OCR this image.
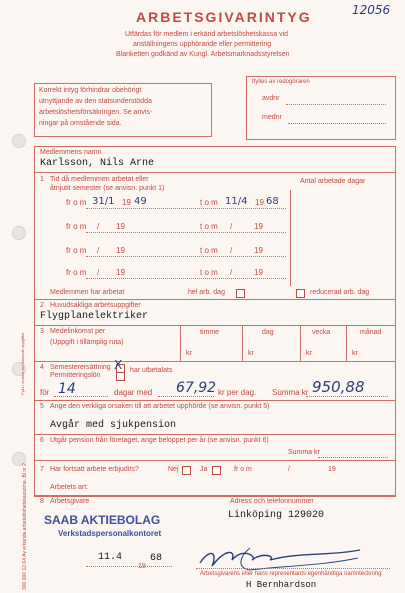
ARBETSGIVARINTYG	12056
Utfärdas för medlem i erkänd arbetslöshetskassa vid
anställningens upphörande eller permittering
Blanketten godkänd av Kungl. Arbetsmarknadsstyrelsen
Korrekt intyg förhindrar obehörigt
utnyttjande av den statsunderstödda
arbetslöshetsförsäkringen. Se anvis-
ningar på omstående sida.
Ifylles av redogöraren
avdnr
mednr
Medlemmens namn
Karlsson, Nils Arne
1 Tid då medlemmen arbetat eller
åtnjutit semester (se anvisn. punkt 1)
Antal arbetade dagar
fr o m 31/1 19 49	t o m 11/4 19 68
fr o m / 19	t o m /	19
fr o m / 19	t o m /	19
fr o m / 19	t o m /	19
Medlemmen har arbetat	hel arb. dag	reducerad arb. dag
2 Huvudsakliga arbetsuppgifter
Flygplanelektriker
3 Medelinkomst per
(Uppgift i tillämplig ruta)
timme	dag	vecka	månad
kr	kr	kr	kr
Fylls i endast vid lämnade uppgifter 4 Semesterersättning
Permitteringslön
X har utbetalats
för 14	dagar med 67,92 kr per dag. Summa kr 950,88
5 Ange den verkliga orsaken till att arbetet upphörde (se anvisn. punkt 5)
Avgår med sjukpension
6 Utgår pension från företaget, ange beloppet per år (se anvisn. punkt 6)
Summa kr
7 Har fortsatt arbete erbjudits?	Nej	Ja	fr o m	/	19
Arbetets art:
8 Arbetsgivare	Adress och telefonnummer
Linköping 129020
SAAB AKTIEBOLAG
Verkstadspersonalkontoret
11.4
19
68
Arbetsgivarens eller hans representants egenhändiga namnteckning
H Bernhardson
300.000 12.64 Av erkända arbetslöshetskassorna. Bl nr 2
